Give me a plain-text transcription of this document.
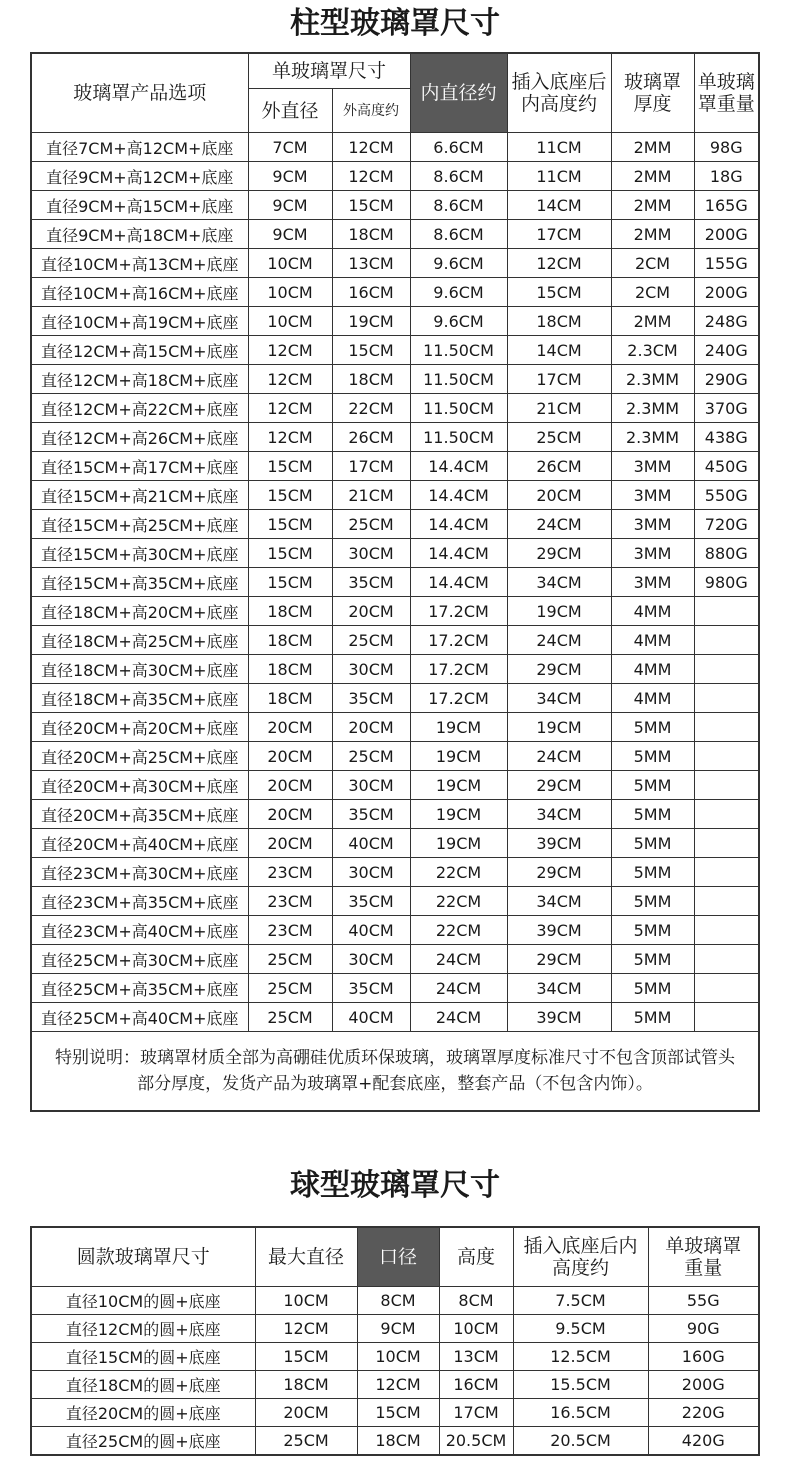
柱型玻璃罩尺寸
玻璃罩产品选项	单玻璃罩尺寸		内直径约	插入底座后内高度约	玻璃罩厚度	单玻璃罩重量
	外直径	外高度约				
直径7CM+高12CM+底座	7CM	12CM	6.6CM	11CM	2MM	98G
直径9CM+高12CM+底座	9CM	12CM	8.6CM	11CM	2MM	18G
直径9CM+高15CM+底座	9CM	15CM	8.6CM	14CM	2MM	165G
直径9CM+高18CM+底座	9CM	18CM	8.6CM	17CM	2MM	200G
直径10CM+高13CM+底座	10CM	13CM	9.6CM	12CM	2CM	155G
直径10CM+高16CM+底座	10CM	16CM	9.6CM	15CM	2CM	200G
直径10CM+高19CM+底座	10CM	19CM	9.6CM	18CM	2MM	248G
直径12CM+高15CM+底座	12CM	15CM	11.50CM	14CM	2.3CM	240G
直径12CM+高18CM+底座	12CM	18CM	11.50CM	17CM	2.3MM	290G
直径12CM+高22CM+底座	12CM	22CM	11.50CM	21CM	2.3MM	370G
直径12CM+高26CM+底座	12CM	26CM	11.50CM	25CM	2.3MM	438G
直径15CM+高17CM+底座	15CM	17CM	14.4CM	26CM	3MM	450G
直径15CM+高21CM+底座	15CM	21CM	14.4CM	20CM	3MM	550G
直径15CM+高25CM+底座	15CM	25CM	14.4CM	24CM	3MM	720G
直径15CM+高30CM+底座	15CM	30CM	14.4CM	29CM	3MM	880G
直径15CM+高35CM+底座	15CM	35CM	14.4CM	34CM	3MM	980G
直径18CM+高20CM+底座	18CM	20CM	17.2CM	19CM	4MM	
直径18CM+高25CM+底座	18CM	25CM	17.2CM	24CM	4MM	
直径18CM+高30CM+底座	18CM	30CM	17.2CM	29CM	4MM	
直径18CM+高35CM+底座	18CM	35CM	17.2CM	34CM	4MM	
直径20CM+高20CM+底座	20CM	20CM	19CM	19CM	5MM	
直径20CM+高25CM+底座	20CM	25CM	19CM	24CM	5MM	
直径20CM+高30CM+底座	20CM	30CM	19CM	29CM	5MM	
直径20CM+高35CM+底座	20CM	35CM	19CM	34CM	5MM	
直径20CM+高40CM+底座	20CM	40CM	19CM	39CM	5MM	
直径23CM+高30CM+底座	23CM	30CM	22CM	29CM	5MM	
直径23CM+高35CM+底座	23CM	35CM	22CM	34CM	5MM	
直径23CM+高40CM+底座	23CM	40CM	22CM	39CM	5MM	
直径25CM+高30CM+底座	25CM	30CM	24CM	29CM	5MM	
直径25CM+高35CM+底座	25CM	35CM	24CM	34CM	5MM	
直径25CM+高40CM+底座	25CM	40CM	24CM	39CM	5MM	
特别说明：玻璃罩材质全部为高硼硅优质环保玻璃，玻璃罩厚度标准尺寸不包含顶部试管头部分厚度，发货产品为玻璃罩+配套底座，整套产品（不包含内饰）。						
球型玻璃罩尺寸
圆款玻璃罩尺寸	最大直径	口径	高度	插入底座后内高度约	单玻璃罩重量
直径10CM的圆+底座	10CM	8CM	8CM	7.5CM	55G
直径12CM的圆+底座	12CM	9CM	10CM	9.5CM	90G
直径15CM的圆+底座	15CM	10CM	13CM	12.5CM	160G
直径18CM的圆+底座	18CM	12CM	16CM	15.5CM	200G
直径20CM的圆+底座	20CM	15CM	17CM	16.5CM	220G
直径25CM的圆+底座	25CM	18CM	20.5CM	20.5CM	420G
